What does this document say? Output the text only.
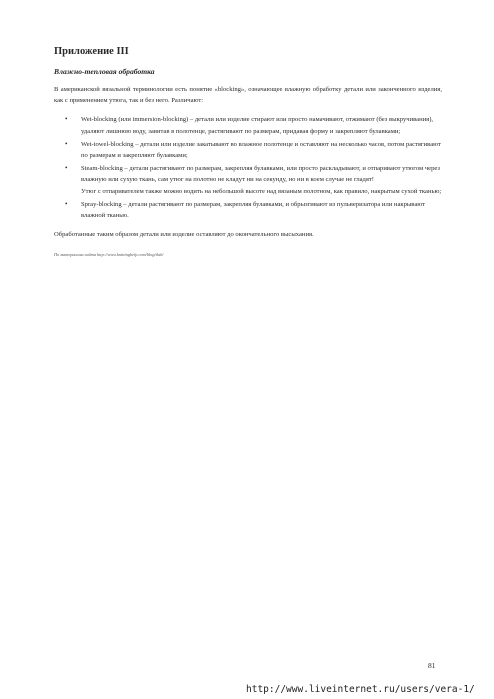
Приложение III
Влажно-тепловая обработка

В американской вязальной терминологии есть понятие «blocking», означающее влажную обработку детали или законченного изделия, как с применением утюга, так и без него. Различают:

• Wet-blocking (или immersion-blocking) – детали или изделие стирают или просто намачивают, отжимают (без выкручивания), удаляют лишнюю воду, завитав в полотенце, растягивают по размерам, придавая форму и закрепляют булавками;
• Wet-towel-blocking – детали или изделие закатывают во влажное полотенце и оставляют на несколько часов, потом растягивают по размерам и закрепляют булавками;
• Steam-blocking – детали растягивают по размерам, закрепляя булавками, или просто раскладывают, и отпаривают утюгом через влажную или сухую ткань, сам утюг на полотно не кладут ни на секунду, но ни в коем случае не гладят!
Утюг с отпаривателем также можно водить на небольшой высоте над вязаным полотном, как правило, накрытым сухой тканью;
• Spray-blocking – детали растягивают по размерам, закрепляя булавками, и обрызгивают из пульверизатора или накрывают влажной тканью.

Обработанные таким образом детали или изделие оставляют до окончательного высыхания.

По материалам сайта http://www.knittinghelp.com/blog/tlab/
81
http://www.liveinternet.ru/users/vera-1/
